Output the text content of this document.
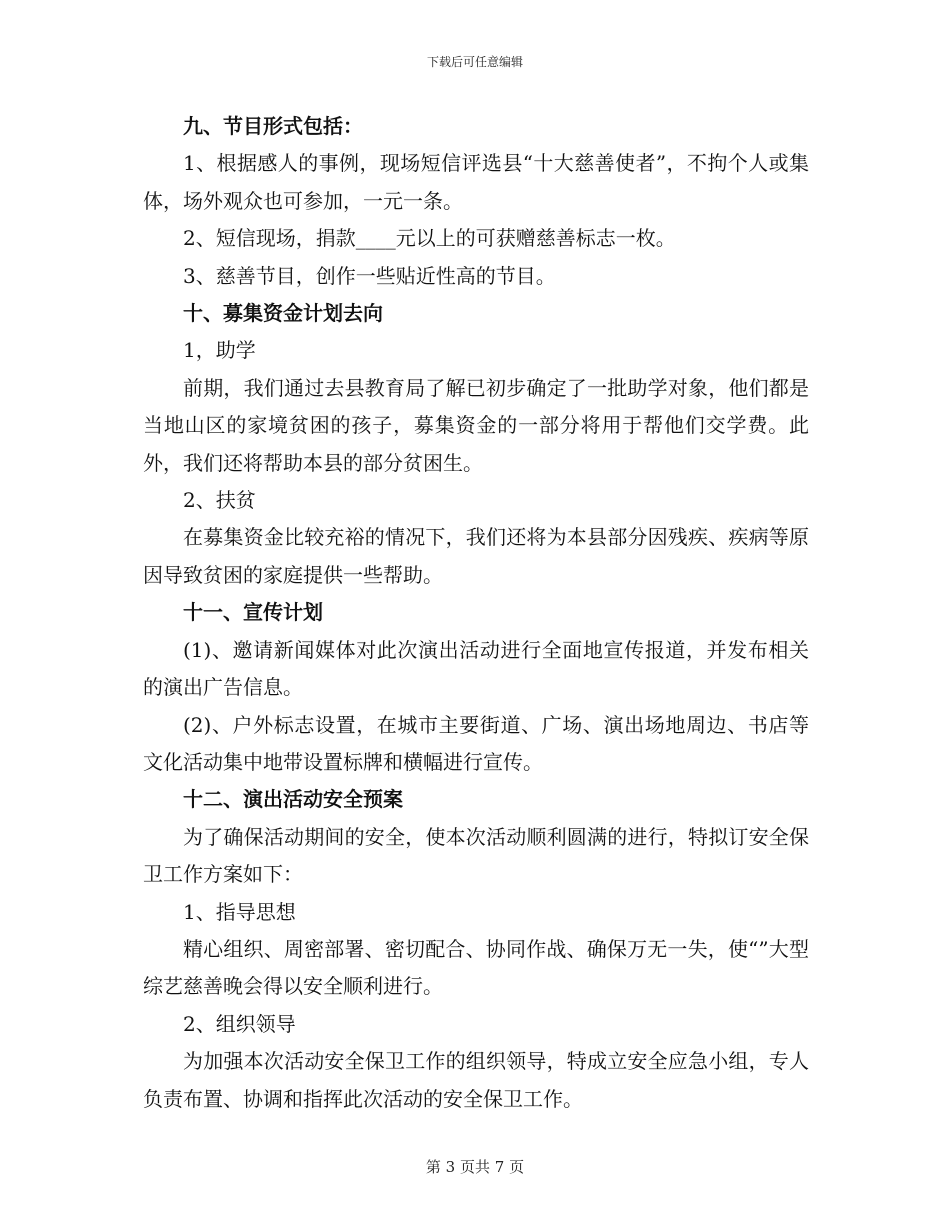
下载后可任意编辑

九、节目形式包括：

1、根据感人的事例，现场短信评选县“十大慈善使者”，不拘个人或集体，场外观众也可参加，一元一条。

2、短信现场，捐款____元以上的可获赠慈善标志一枚。

3、慈善节目，创作一些贴近性高的节目。

十、募集资金计划去向

1，助学

前期，我们通过去县教育局了解已初步确定了一批助学对象，他们都是当地山区的家境贫困的孩子，募集资金的一部分将用于帮他们交学费。此外，我们还将帮助本县的部分贫困生。

2、扶贫

在募集资金比较充裕的情况下，我们还将为本县部分因残疾、疾病等原因导致贫困的家庭提供一些帮助。

十一、宣传计划

(1)、邀请新闻媒体对此次演出活动进行全面地宣传报道，并发布相关的演出广告信息。

(2)、户外标志设置，在城市主要街道、广场、演出场地周边、书店等文化活动集中地带设置标牌和横幅进行宣传。

十二、演出活动安全预案

为了确保活动期间的安全，使本次活动顺利圆满的进行，特拟订安全保卫工作方案如下：

1、指导思想

精心组织、周密部署、密切配合、协同作战、确保万无一失，使“”大型综艺慈善晚会得以安全顺利进行。

2、组织领导

为加强本次活动安全保卫工作的组织领导，特成立安全应急小组，专人负责布置、协调和指挥此次活动的安全保卫工作。

第 3 页共 7 页
